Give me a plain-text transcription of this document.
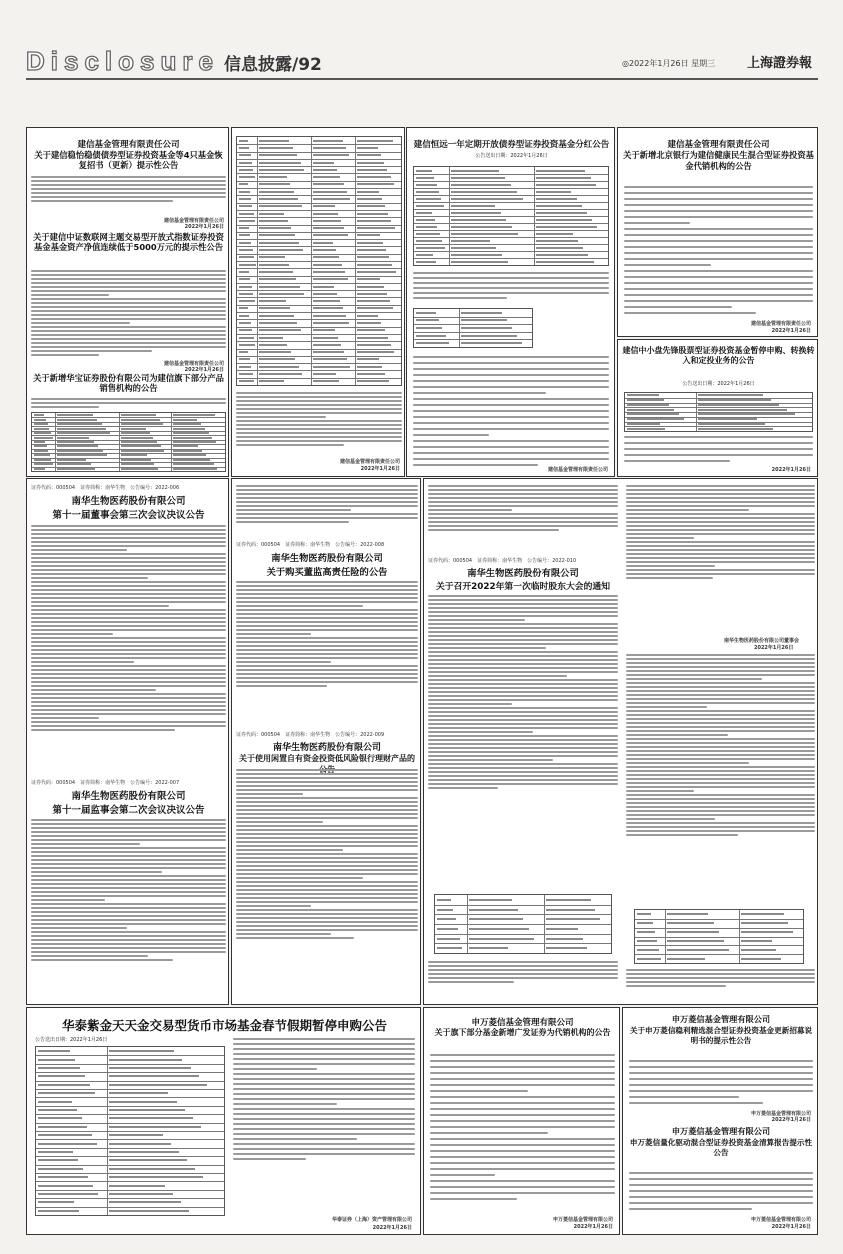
Disclosure 信息披露/92	◎2022年1月26日 星期三 上海證券報
建信基金管理有限责任公司
关于建信稳怡稳债债券型证券投资基金等4只基金恢复招书（更新）提示性公告
建信基金管理有限责任公司
2022年1月26日
关于建信中证数联网主题交易型开放式指数证券投资基金基金资产净值连续低于5000万元的提示性公告
建信基金管理有限责任公司
2022年1月26日
关于新增华宝证券股份有限公司为建信旗下部分产品销售机构的公告
建信基金管理有限责任公司
2022年1月26日
建信恒远一年定期开放债券型证券投资基金分红公告
公告送出日期：2022年1月26日
建信基金管理有限责任公司
建信基金管理有限责任公司
关于新增北京银行为建信健康民生混合型证券投资基金代销机构的公告
建信基金管理有限责任公司
2022年1月26日
建信中小盘先锋股票型证券投资基金暂停申购、转换转入和定投业务的公告
公告送出日期：2022年1月26日
2022年1月26日
证券代码：000504　证券简称：南华生物　公告编号：2022-006
南华生物医药股份有限公司
第十一届董事会第三次会议决议公告
证券代码：000504　证券简称：南华生物　公告编号：2022-007
南华生物医药股份有限公司
第十一届监事会第二次会议决议公告
证券代码：000504　证券简称：南华生物　公告编号：2022-008
南华生物医药股份有限公司
关于购买董监高责任险的公告
证券代码：000504　证券简称：南华生物　公告编号：2022-009
南华生物医药股份有限公司
关于使用闲置自有资金投资低风险银行理财产品的
证券代码：000504　证券简称：南华生物　公告编号：2022-010
南华生物医药股份有限公司
关于召开2022年第一次临时股东大会的通知
南华生物医药股份有限公司董事会
2022年1月26日
华泰紫金天天金交易型货币市场基金春节假期暂停申购公告
公告送出日期：2022年1月26日
华泰证券（上海）资产管理有限公司
2022年1月26日
申万菱信基金管理有限公司
关于旗下部分基金新增广发证券为代销机构的公告
申万菱信基金管理有限公司
2022年1月26日
申万菱信基金管理有限公司
关于申万菱信稳利精选混合型证券投资基金更新招募说明书的提示性公告
申万菱信基金管理有限公司
2022年1月26日
申万菱信基金管理有限公司
申万菱信量化驱动混合型证券投资基金清算报告提示性公告
申万菱信基金管理有限公司
2022年1月26日
